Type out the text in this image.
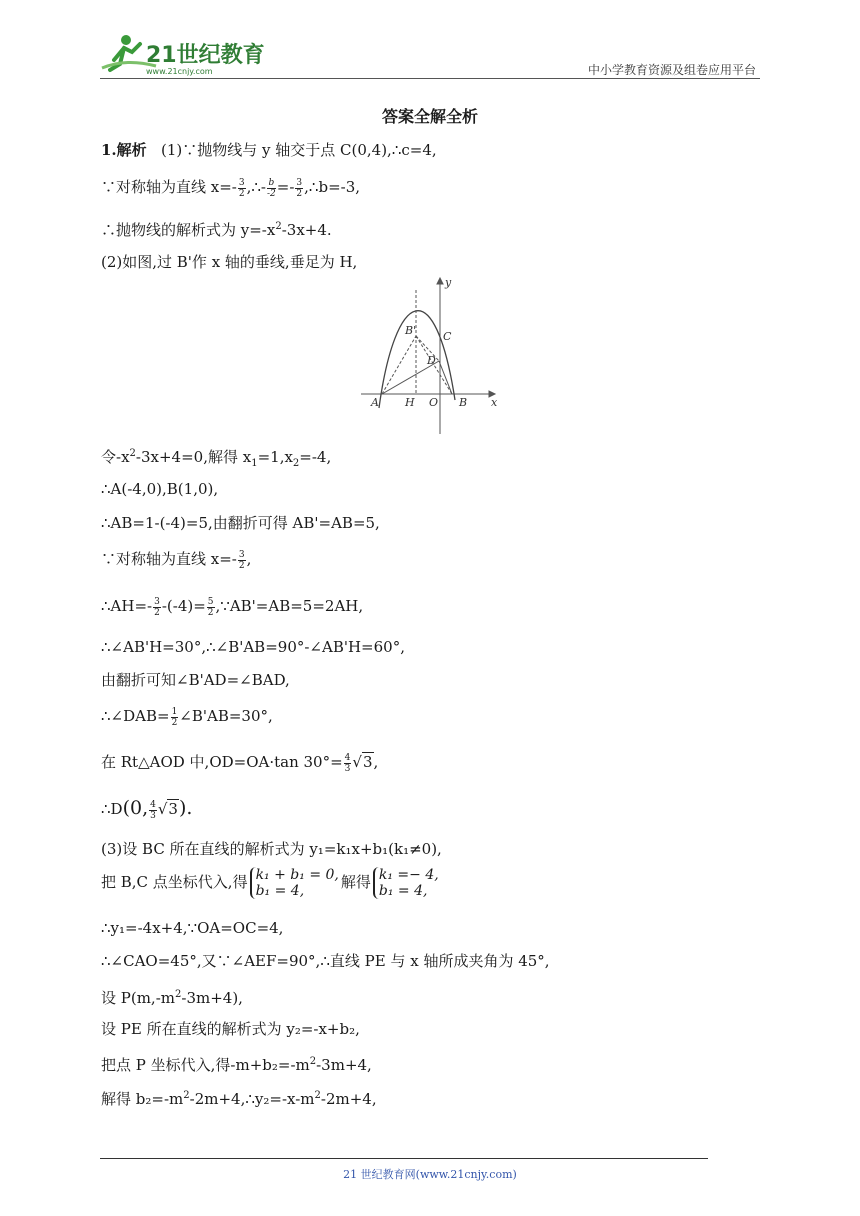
21世纪教育
www.21cnjy.com	中小学教育资源及组卷应用平台
答案全解全析
1.解析 (1)∵抛物线与 y 轴交于点 C(0,4),∴c=4,
∵对称轴为直线 $x=- \frac{3}{2}$ ,∴- $\frac{b}{-2} =- \frac{3}{2}$ ,∴b=-3,
∴抛物线的解析式为 $y=-x^2-3x+4$.
(2)如图,过 B'作 x 轴的垂线,垂足为 H,
A H O B
B' C
D
x
y
令$-x^2-3x+4=0$,解得 $x_1=1,x_2=-4$,
∴A(-4,0),B(1,0),
∴AB=1-(-4)=5,由翻折可得 AB'=AB=5,
∵对称轴为直线 $x=- \frac{3}{2}$ ,
∴AH=- $\frac{3}{2} -(-4)= \frac{5}{2}$ ,∵AB'=AB=5=2AH,
∴∠AB'H=30°,∴∠B'AB=90°-∠AB'H=60°,
由翻折可知∠B'AD=∠BAD,
∴∠DAB= $\frac{1}{2}$ ∠B'AB=30°,
在 Rt△AOD 中,OD=OA·tan $30^\circ= \frac{4}{3} √3$,
∴D(0, $\frac{4}{3} √3$).
(3)设 BC 所在直线的解析式为 y₁=k₁x+b₁(k₁≠0),
把 B,C 点坐标代入,得 k₁ + b₁ = 0,
b₁ = 4,	解得 k₁ =− 4,
b₁ = 4,
∴y₁=-4x+4,∵OA=OC=4,
∴∠CAO=45°,又∵∠AEF=90°,∴直线 PE 与 x 轴所成夹角为 45°,
设 $P(m,-m^2-3m+4)$,
设 PE 所在直线的解析式为 y₂=-x+b₂,
把点 P 坐标代入,得$-m+b_2=-m^2-3m+4$,
解得 $b_2=-m^2-2m+4,\therefore y_2=-x-m^2-2m+4$,
21 世纪教育网(www.21cnjy.com)
